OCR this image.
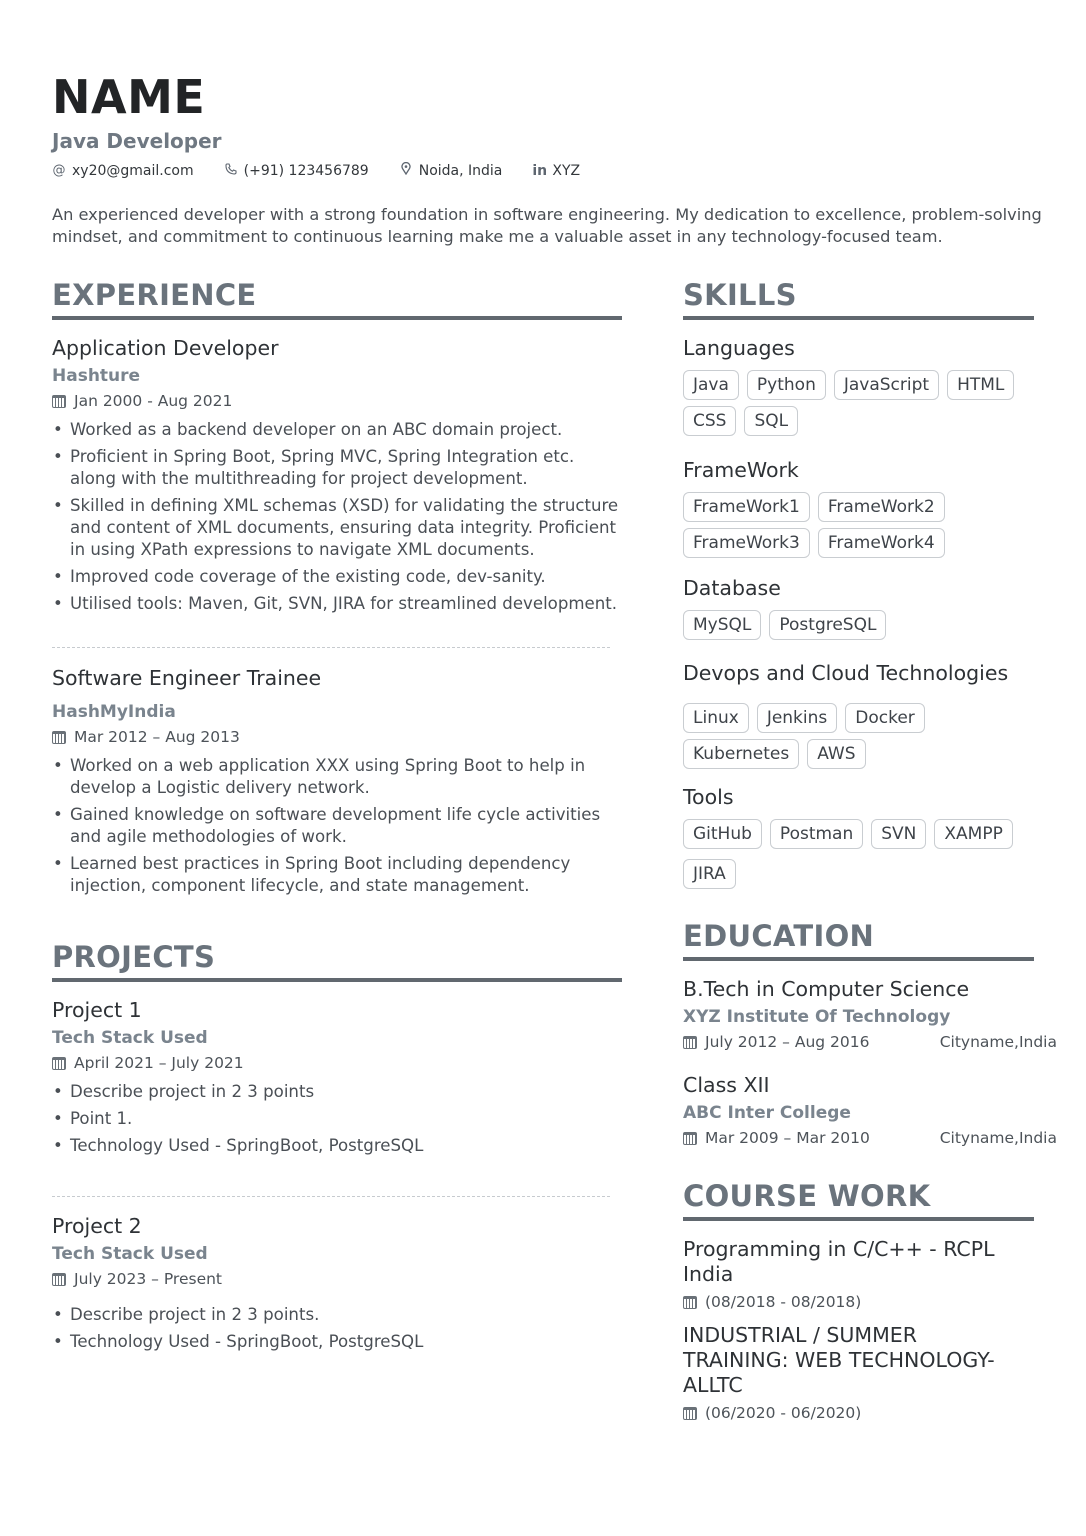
NAME
Java Developer
@ xy20@gmail.com	(+91) 123456789	Noida, India in XYZ
An experienced developer with a strong foundation in software engineering. My dedication to excellence, problem-solving mindset, and commitment to continuous learning make me a valuable asset in any technology-focused team.
EXPERIENCE
Application Developer
Hashture
Jan 2000 - Aug 2021
• Worked as a backend developer on an ABC domain project.
• Proficient in Spring Boot, Spring MVC, Spring Integration etc. along with the multithreading for project development.
• Skilled in defining XML schemas (XSD) for validating the structure and content of XML documents, ensuring data integrity. Proficient in using XPath expressions to navigate XML documents.
• Improved code coverage of the existing code, dev-sanity.
• Utilised tools: Maven, Git, SVN, JIRA for streamlined development.
Software Engineer Trainee
HashMyIndia
Mar 2012 – Aug 2013
• Worked on a web application XXX using Spring Boot to help in develop a Logistic delivery network.
• Gained knowledge on software development life cycle activities and agile methodologies of work.
• Learned best practices in Spring Boot including dependency injection, component lifecycle, and state management.
PROJECTS
Project 1
Tech Stack Used
April 2021 – July 2021
• Describe project in 2 3 points
• Point 1.
• Technology Used - SpringBoot, PostgreSQL
Project 2
Tech Stack Used
July 2023 – Present
• Describe project in 2 3 points.
• Technology Used - SpringBoot, PostgreSQL
SKILLS
Languages
Java	Python	JavaScript	HTML
CSS	SQL
FrameWork
FrameWork1	FrameWork2
FrameWork3	FrameWork4
Database
MySQL	PostgreSQL
Devops and Cloud Technologies
Linux	Jenkins	Docker
Kubernetes	AWS
Tools
GitHub	Postman	SVN	XAMPP
JIRA
EDUCATION
B.Tech in Computer Science
XYZ Institute Of Technology
July 2012 – Aug 2016	Cityname,India
Class XII
ABC Inter College
Mar 2009 – Mar 2010	Cityname,India
COURSE WORK
Programming in C/C++ - RCPL India
(08/2018 - 08/2018)
INDUSTRIAL / SUMMER TRAINING: WEB TECHNOLOGY-ALLTC
(06/2020 - 06/2020)
